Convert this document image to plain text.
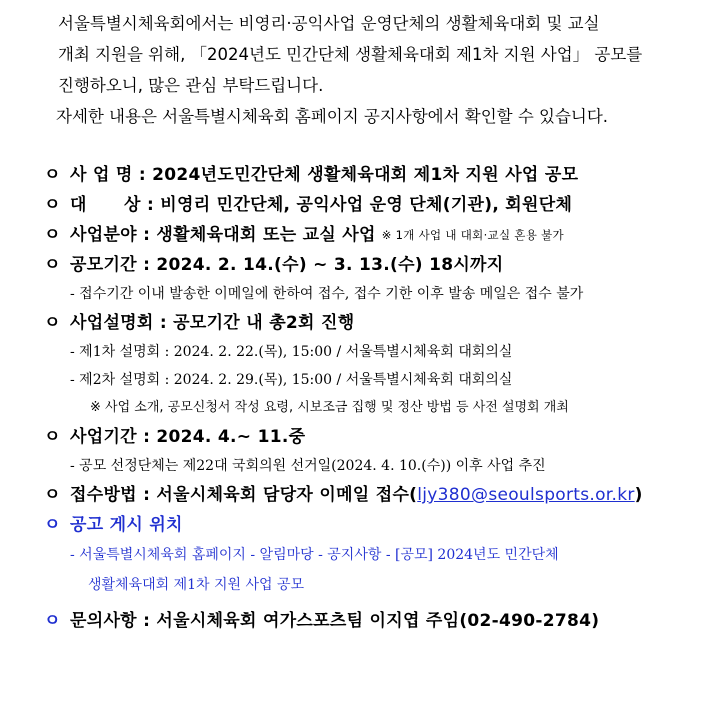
서울특별시체육회에서는 비영리·공익사업 운영단체의 생활체육대회 및 교실

개최 지원을 위해, 「2024년도 민간단체 생활체육대회 제1차 지원 사업」 공모를

진행하오니, 많은 관심 부탁드립니다.

자세한 내용은 서울특별시체육회 홈페이지 공지사항에서 확인할 수 있습니다.

ㅇ 사 업 명 : 2024년도민간단체 생활체육대회 제1차 지원 사업 공모
ㅇ 대      상 : 비영리 민간단체, 공익사업 운영 단체(기관), 회원단체
ㅇ 사업분야 : 생활체육대회 또는 교실 사업 ※ 1개 사업 내 대회·교실 혼용 불가
ㅇ 공모기간 : 2024. 2. 14.(수) ~ 3. 13.(수) 18시까지
- 접수기간 이내 발송한 이메일에 한하여 접수, 접수 기한 이후 발송 메일은 접수 불가
ㅇ 사업설명회 : 공모기간 내 총2회 진행
- 제1차 설명회 : 2024. 2. 22.(목), 15:00 / 서울특별시체육회 대회의실
- 제2차 설명회 : 2024. 2. 29.(목), 15:00 / 서울특별시체육회 대회의실
※ 사업 소개, 공모신청서 작성 요령, 시보조금 집행 및 정산 방법 등 사전 설명회 개최
ㅇ 사업기간 : 2024. 4.~ 11.중
- 공모 선정단체는 제22대 국회의원 선거일(2024. 4. 10.(수)) 이후 사업 추진
ㅇ 접수방법 : 서울시체육회 담당자 이메일 접수( ljy380@seoulsports.or.kr )
ㅇ 공고 게시 위치
- 서울특별시체육회 홈페이지 - 알림마당 - 공지사항 - [공모] 2024년도 민간단체
생활체육대회 제1차 지원 사업 공모
ㅇ 문의사항 : 서울시체육회 여가스포츠팀 이지엽 주임(02-490-2784)
